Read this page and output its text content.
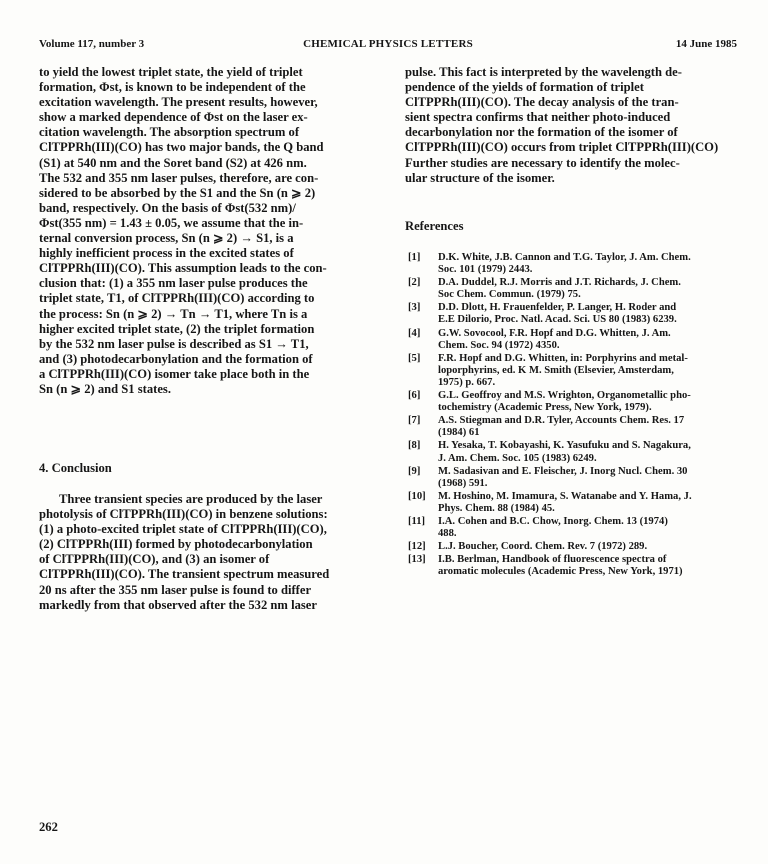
Volume 117, number 3	CHEMICAL PHYSICS LETTERS	14 June 1985
to yield the lowest triplet state, the yield of triplet
formation, Φst, is known to be independent of the
excitation wavelength. The present results, however,
show a marked dependence of Φst on the laser ex-
citation wavelength. The absorption spectrum of
ClTPPRh(III)(CO) has two major bands, the Q band
(S1) at 540 nm and the Soret band (S2) at 426 nm.
The 532 and 355 nm laser pulses, therefore, are con-
sidered to be absorbed by the S1 and the Sn (n ⩾ 2)
band, respectively. On the basis of Φst(532 nm)/
Φst(355 nm) = 1.43 ± 0.05, we assume that the in-
ternal conversion process, Sn (n ⩾ 2) → S1, is a
highly inefficient process in the excited states of
ClTPPRh(III)(CO). This assumption leads to the con-
clusion that: (1) a 355 nm laser pulse produces the
triplet state, T1, of ClTPPRh(III)(CO) according to
the process: Sn (n ⩾ 2) → Tn → T1, where Tn is a
higher excited triplet state, (2) the triplet formation
by the 532 nm laser pulse is described as S1 → T1,
and (3) photodecarbonylation and the formation of
a ClTPPRh(III)(CO) isomer take place both in the
Sn (n ⩾ 2) and S1 states.
4. Conclusion
Three transient species are produced by the laser
photolysis of ClTPPRh(III)(CO) in benzene solutions:
(1) a photo-excited triplet state of ClTPPRh(III)(CO),
(2) ClTPPRh(III) formed by photodecarbonylation
of ClTPPRh(III)(CO), and (3) an isomer of
ClTPPRh(III)(CO). The transient spectrum measured
20 ns after the 355 nm laser pulse is found to differ
markedly from that observed after the 532 nm laser
pulse. This fact is interpreted by the wavelength de-
pendence of the yields of formation of triplet
ClTPPRh(III)(CO). The decay analysis of the tran-
sient spectra confirms that neither photo-induced
decarbonylation nor the formation of the isomer of
ClTPPRh(III)(CO) occurs from triplet ClTPPRh(III)(CO)
Further studies are necessary to identify the molec-
ular structure of the isomer.
References
[1] D.K. White, J.B. Cannon and T.G. Taylor, J. Am. Chem.
Soc. 101 (1979) 2443.
[2] D.A. Duddel, R.J. Morris and J.T. Richards, J. Chem.
Soc Chem. Commun. (1979) 75.
[3] D.D. Dlott, H. Frauenfelder, P. Langer, H. Roder and
E.E Dilorio, Proc. Natl. Acad. Sci. US 80 (1983) 6239.
[4] G.W. Sovocool, F.R. Hopf and D.G. Whitten, J. Am.
Chem. Soc. 94 (1972) 4350.
[5] F.R. Hopf and D.G. Whitten, in: Porphyrins and metal-
loporphyrins, ed. K M. Smith (Elsevier, Amsterdam,
1975) p. 667.
[6] G.L. Geoffroy and M.S. Wrighton, Organometallic pho-
tochemistry (Academic Press, New York, 1979).
[7] A.S. Stiegman and D.R. Tyler, Accounts Chem. Res. 17
(1984) 61
[8] H. Yesaka, T. Kobayashi, K. Yasufuku and S. Nagakura,
J. Am. Chem. Soc. 105 (1983) 6249.
[9] M. Sadasivan and E. Fleischer, J. Inorg Nucl. Chem. 30
(1968) 591.
[10] M. Hoshino, M. Imamura, S. Watanabe and Y. Hama, J.
Phys. Chem. 88 (1984) 45.
[11] I.A. Cohen and B.C. Chow, Inorg. Chem. 13 (1974)
488.
[12] L.J. Boucher, Coord. Chem. Rev. 7 (1972) 289.
[13] I.B. Berlman, Handbook of fluorescence spectra of
aromatic molecules (Academic Press, New York, 1971)
262
